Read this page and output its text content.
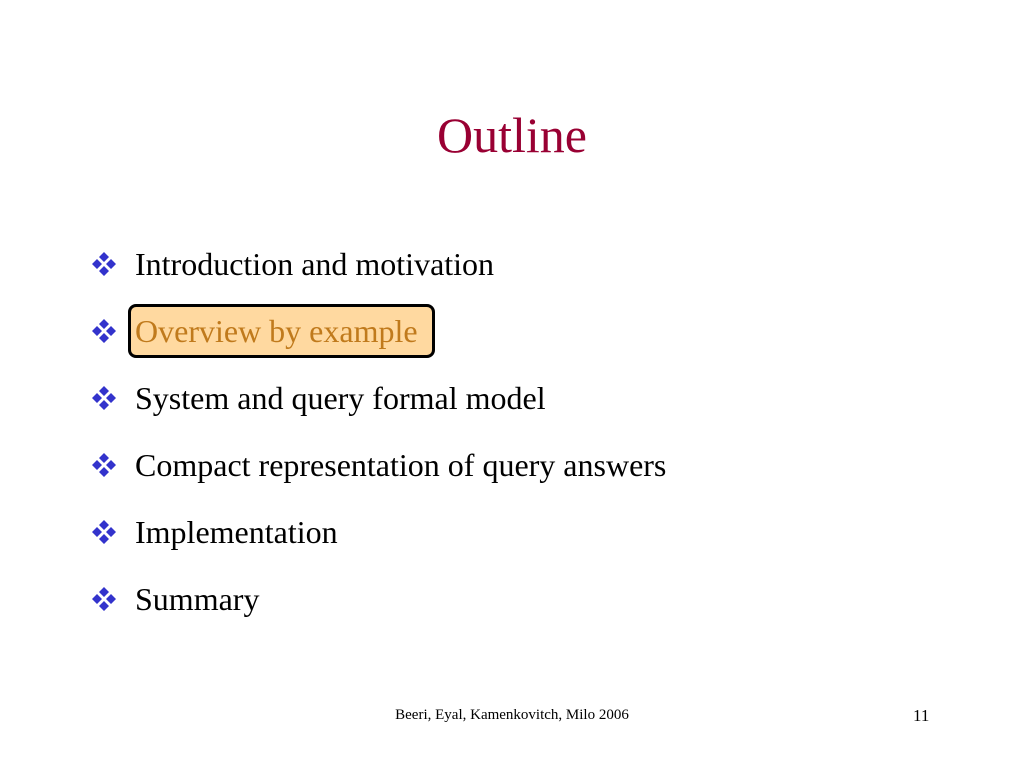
Outline
Introduction and motivation
Overview by example
System and query formal model
Compact representation of query answers
Implementation
Summary
Beeri, Eyal, Kamenkovitch, Milo 2006	11
